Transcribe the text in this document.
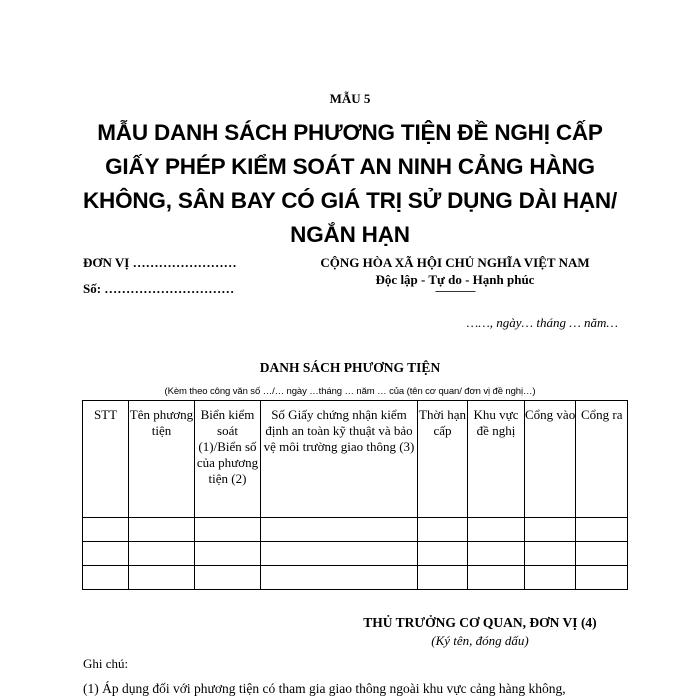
MẪU 5
MẪU DANH SÁCH PHƯƠNG TIỆN ĐỀ NGHỊ CẤP GIẤY PHÉP KIỂM SOÁT AN NINH CẢNG HÀNG KHÔNG, SÂN BAY CÓ GIÁ TRỊ SỬ DỤNG DÀI HẠN/ NGẮN HẠN
ĐƠN VỊ ……………………
Số: …………………………
CỘNG HÒA XÃ HỘI CHỦ NGHĨA VIỆT NAM
Độc lập - Tự do - Hạnh phúc
---------------
……, ngày… tháng … năm…
DANH SÁCH PHƯƠNG TIỆN
(Kèm theo công văn số …/… ngày …tháng … năm … của (tên cơ quan/ đơn vị đề nghị…)
STT	Tên phương tiện	Biển kiểm soát (1)/Biển số của phương tiện (2)	Số Giấy chứng nhận kiểm định an toàn kỹ thuật và bảo vệ môi trường giao thông (3)	Thời hạn cấp	Khu vực đề nghị	Cổng vào	Cổng ra

THỦ TRƯỞNG CƠ QUAN, ĐƠN VỊ (4)
(Ký tên, đóng dấu)
Ghi chú:
(1) Áp dụng đối với phương tiện có tham gia giao thông ngoài khu vực cảng hàng không,
